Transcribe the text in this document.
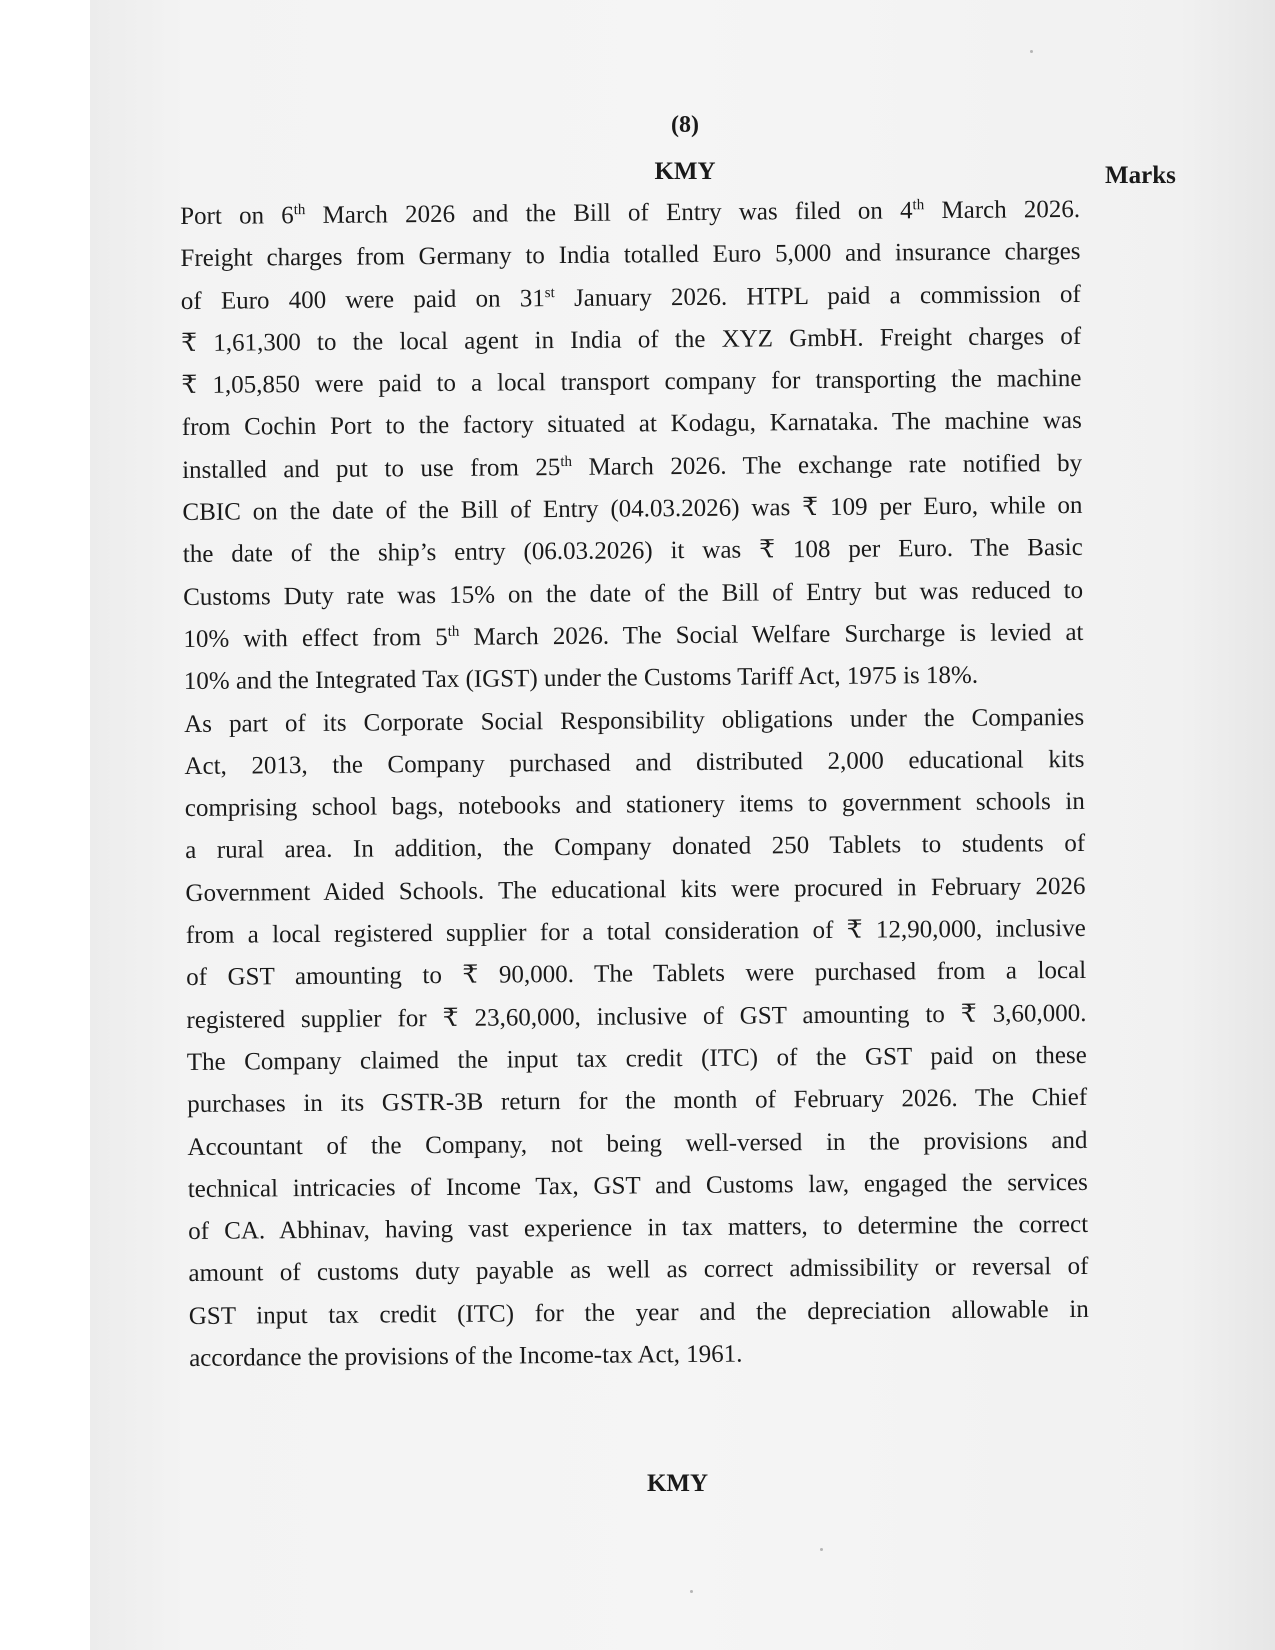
(8)
KMY	Marks
Port on 6th March 2026 and the Bill of Entry was filed on 4th March 2026.
Freight charges from Germany to India totalled Euro 5,000 and insurance charges
of Euro 400 were paid on 31st January 2026. HTPL paid a commission of
₹ 1,61,300 to the local agent in India of the XYZ GmbH. Freight charges of
₹ 1,05,850 were paid to a local transport company for transporting the machine
from Cochin Port to the factory situated at Kodagu, Karnataka. The machine was
installed and put to use from 25th March 2026. The exchange rate notified by
CBIC on the date of the Bill of Entry (04.03.2026) was ₹ 109 per Euro, while on
the date of the ship’s entry (06.03.2026) it was ₹ 108 per Euro. The Basic
Customs Duty rate was 15% on the date of the Bill of Entry but was reduced to
10% with effect from 5th March 2026. The Social Welfare Surcharge is levied at
10% and the Integrated Tax (IGST) under the Customs Tariff Act, 1975 is 18%.
As part of its Corporate Social Responsibility obligations under the Companies
Act, 2013, the Company purchased and distributed 2,000 educational kits
comprising school bags, notebooks and stationery items to government schools in
a rural area. In addition, the Company donated 250 Tablets to students of
Government Aided Schools. The educational kits were procured in February 2026
from a local registered supplier for a total consideration of ₹ 12,90,000, inclusive
of GST amounting to ₹ 90,000. The Tablets were purchased from a local
registered supplier for ₹ 23,60,000, inclusive of GST amounting to ₹ 3,60,000.
The Company claimed the input tax credit (ITC) of the GST paid on these
purchases in its GSTR-3B return for the month of February 2026. The Chief
Accountant of the Company, not being well-versed in the provisions and
technical intricacies of Income Tax, GST and Customs law, engaged the services
of CA. Abhinav, having vast experience in tax matters, to determine the correct
amount of customs duty payable as well as correct admissibility or reversal of
GST input tax credit (ITC) for the year and the depreciation allowable in
accordance the provisions of the Income-tax Act, 1961.
KMY
